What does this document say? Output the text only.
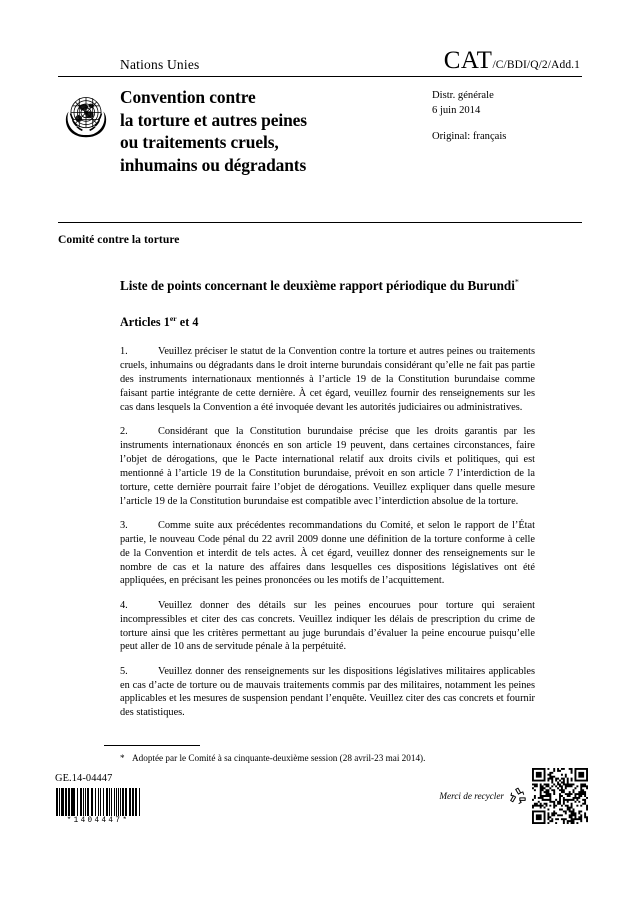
Nations Unies	CAT /C/BDI/Q/2/Add.1
Convention contre
la torture et autres peines
ou traitements cruels,
inhumains ou dégradants
Distr. générale
6 juin 2014
Original: français
Comité contre la torture
Liste de points concernant le deuxième rapport périodique du Burundi*
Articles 1er et 4

1.	Veuillez préciser le statut de la Convention contre la torture et autres peines ou traitements cruels, inhumains ou dégradants dans le droit interne burundais considérant qu’elle ne fait pas partie des instruments internationaux mentionnés à l’article 19 de la Constitution burundaise comme faisant partie intégrante de cette dernière. À cet égard, veuillez fournir des renseignements sur les cas dans lesquels la Convention a été invoquée devant les autorités judiciaires ou administratives.

2.	Considérant que la Constitution burundaise précise que les droits garantis par les instruments internationaux énoncés en son article 19 peuvent, dans certaines circonstances, faire l’objet de dérogations, que le Pacte international relatif aux droits civils et politiques, qui est mentionné à l’article 19 de la Constitution burundaise, prévoit en son article 7 l’interdiction de la torture, cette dernière pourrait faire l’objet de dérogations. Veuillez expliquer dans quelle mesure l’article 19 de la Constitution burundaise est compatible avec l’interdiction absolue de la torture.

3.	Comme suite aux précédentes recommandations du Comité, et selon le rapport de l’État partie, le nouveau Code pénal du 22 avril 2009 donne une définition de la torture conforme à celle de la Convention et interdit de tels actes. À cet égard, veuillez donner des renseignements sur le nombre de cas et la nature des affaires dans lesquelles ces dispositions législatives ont été appliquées, en précisant les peines prononcées ou les motifs de l’acquittement.

4.	Veuillez donner des détails sur les peines encourues pour torture qui seraient incompressibles et citer des cas concrets. Veuillez indiquer les délais de prescription du crime de torture ainsi que les critères permettant au juge burundais d’évaluer la peine encourue puisqu’elle peut aller de 10 ans de servitude pénale à la perpétuité.

5.	Veuillez donner des renseignements sur les dispositions législatives militaires applicables en cas d’acte de torture ou de mauvais traitements commis par des militaires, notamment les peines applicables et les mesures de suspension pendant l’enquête. Veuillez citer des cas concrets et fournir des statistiques.

* Adoptée par le Comité à sa cinquante-deuxième session (28 avril-23 mai 2014).
GE.14-04447
*1404447*
Merci de recycler
